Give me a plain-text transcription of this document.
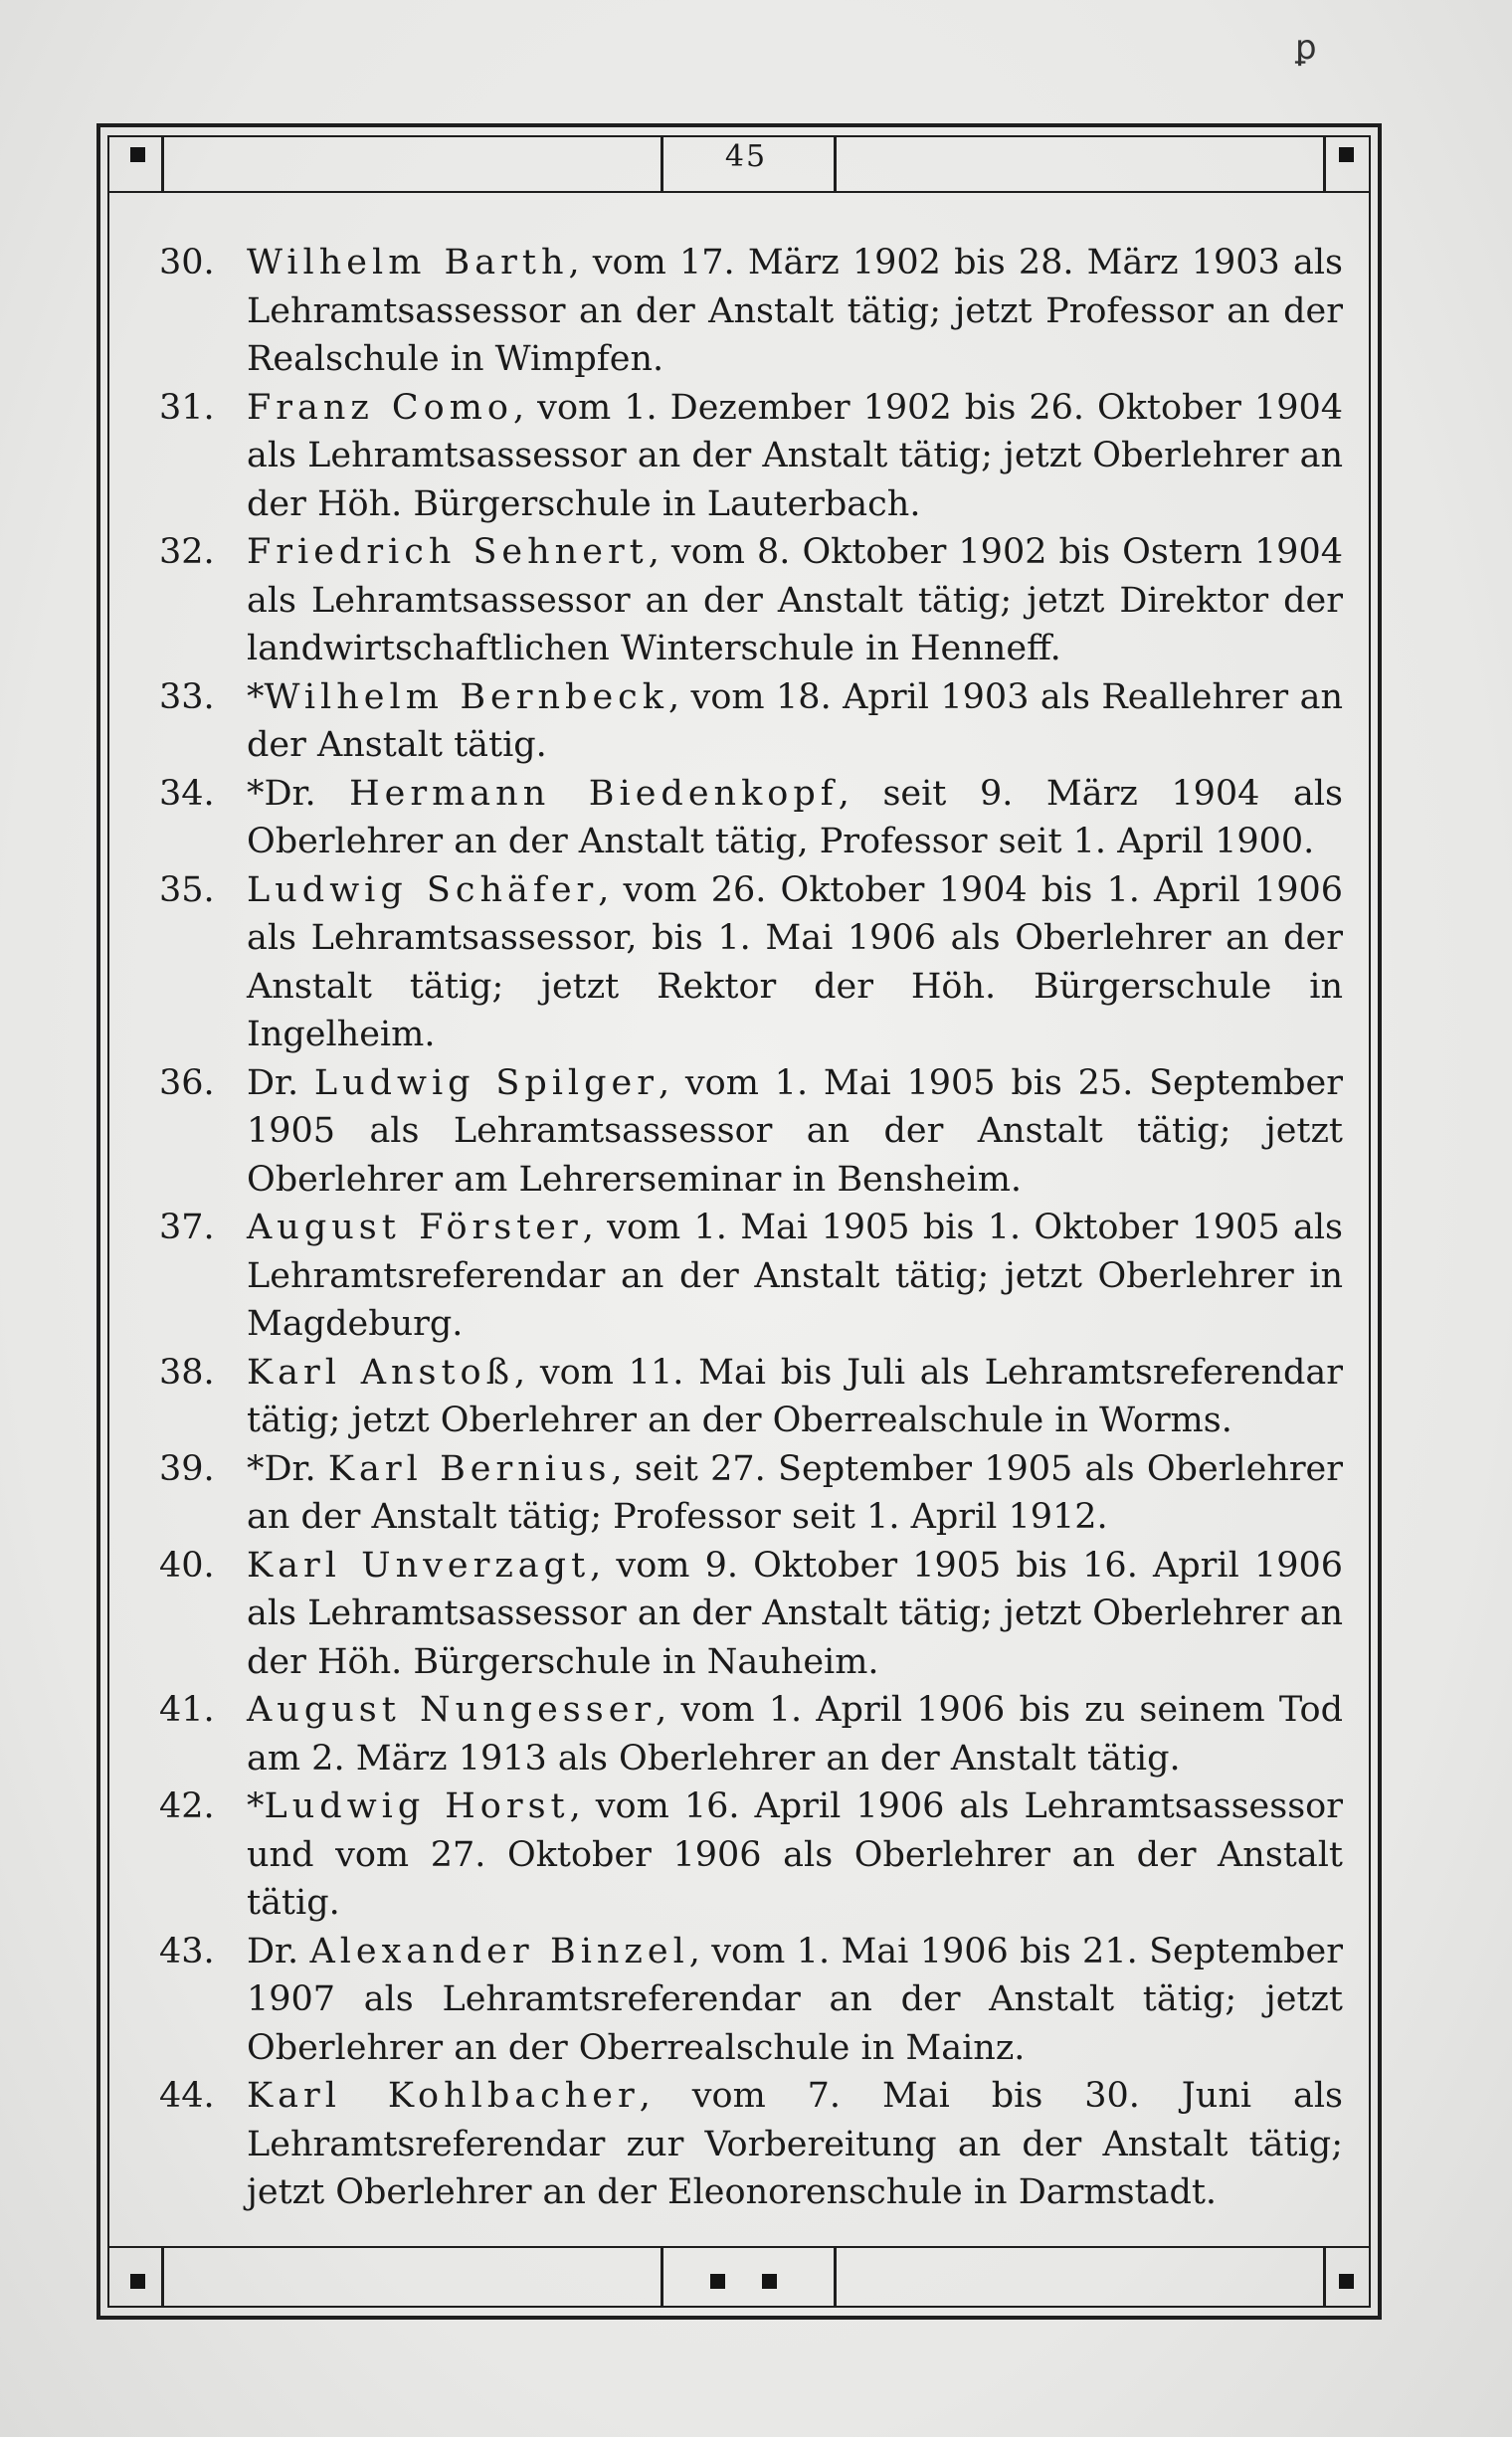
ꝑ
45
30. Wilhelm Barth, vom 17. März 1902 bis 28. März 1903 als Lehramtsassessor an der Anstalt tätig; jetzt Professor an der Realschule in Wimpfen.

31. Franz Como, vom 1. Dezember 1902 bis 26. Oktober 1904 als Lehramtsassessor an der Anstalt tätig; jetzt Oberlehrer an der Höh. Bürgerschule in Lauterbach.

32. Friedrich Sehnert, vom 8. Oktober 1902 bis Ostern 1904 als Lehramtsassessor an der Anstalt tätig; jetzt Direktor der landwirtschaftlichen Winterschule in Henneff.

33. *Wilhelm Bernbeck, vom 18. April 1903 als Reallehrer an der Anstalt tätig.

34. *Dr. Hermann Biedenkopf, seit 9. März 1904 als Oberlehrer an der Anstalt tätig, Professor seit 1. April 1900.

35. Ludwig Schäfer, vom 26. Oktober 1904 bis 1. April 1906 als Lehramtsassessor, bis 1. Mai 1906 als Oberlehrer an der Anstalt tätig; jetzt Rektor der Höh. Bürgerschule in Ingelheim.

36. Dr. Ludwig Spilger, vom 1. Mai 1905 bis 25. September 1905 als Lehramtsassessor an der Anstalt tätig; jetzt Oberlehrer am Lehrerseminar in Bensheim.

37. August Förster, vom 1. Mai 1905 bis 1. Oktober 1905 als Lehramtsreferendar an der Anstalt tätig; jetzt Oberlehrer in Magdeburg.

38. Karl Anstoß, vom 11. Mai bis Juli als Lehramtsreferendar tätig; jetzt Oberlehrer an der Oberrealschule in Worms.

39. *Dr. Karl Bernius, seit 27. September 1905 als Oberlehrer an der Anstalt tätig; Professor seit 1. April 1912.

40. Karl Unverzagt, vom 9. Oktober 1905 bis 16. April 1906 als Lehramtsassessor an der Anstalt tätig; jetzt Oberlehrer an der Höh. Bürgerschule in Nauheim.

41. August Nungesser, vom 1. April 1906 bis zu seinem Tod am 2. März 1913 als Oberlehrer an der Anstalt tätig.

42. *Ludwig Horst, vom 16. April 1906 als Lehramtsassessor und vom 27. Oktober 1906 als Oberlehrer an der Anstalt tätig.

43. Dr. Alexander Binzel, vom 1. Mai 1906 bis 21. September 1907 als Lehramtsreferendar an der Anstalt tätig; jetzt Oberlehrer an der Oberrealschule in Mainz.

44. Karl Kohlbacher, vom 7. Mai bis 30. Juni als Lehramtsreferendar zur Vorbereitung an der Anstalt tätig; jetzt Oberlehrer an der Eleonorenschule in Darmstadt.
